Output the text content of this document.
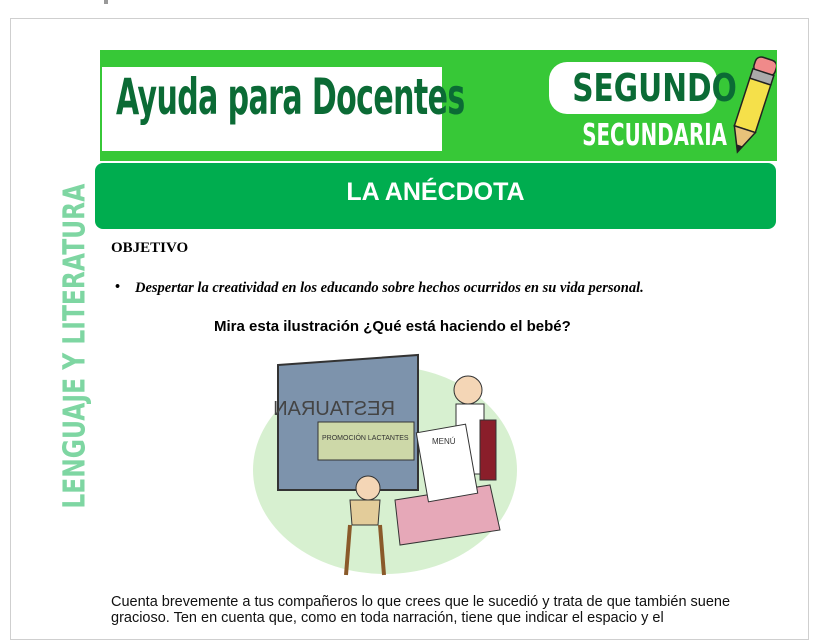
Ayuda para Docentes	SEGUNDO
SECUNDARIA
LA ANÉCDOTA
LENGUAJE Y LITERATURA OBJETIVO
• Despertar la creatividad en los educando sobre hechos ocurridos en su vida personal.
Mira esta ilustración ¿Qué está haciendo el bebé?
RESTAURAN
PROMOCIÓN LACTANTES	MENÚ
Cuenta brevemente a tus compañeros lo que crees que le sucedió y trata de que también suene gracioso. Ten en cuenta que, como en toda narración, tiene que indicar el espacio y el
